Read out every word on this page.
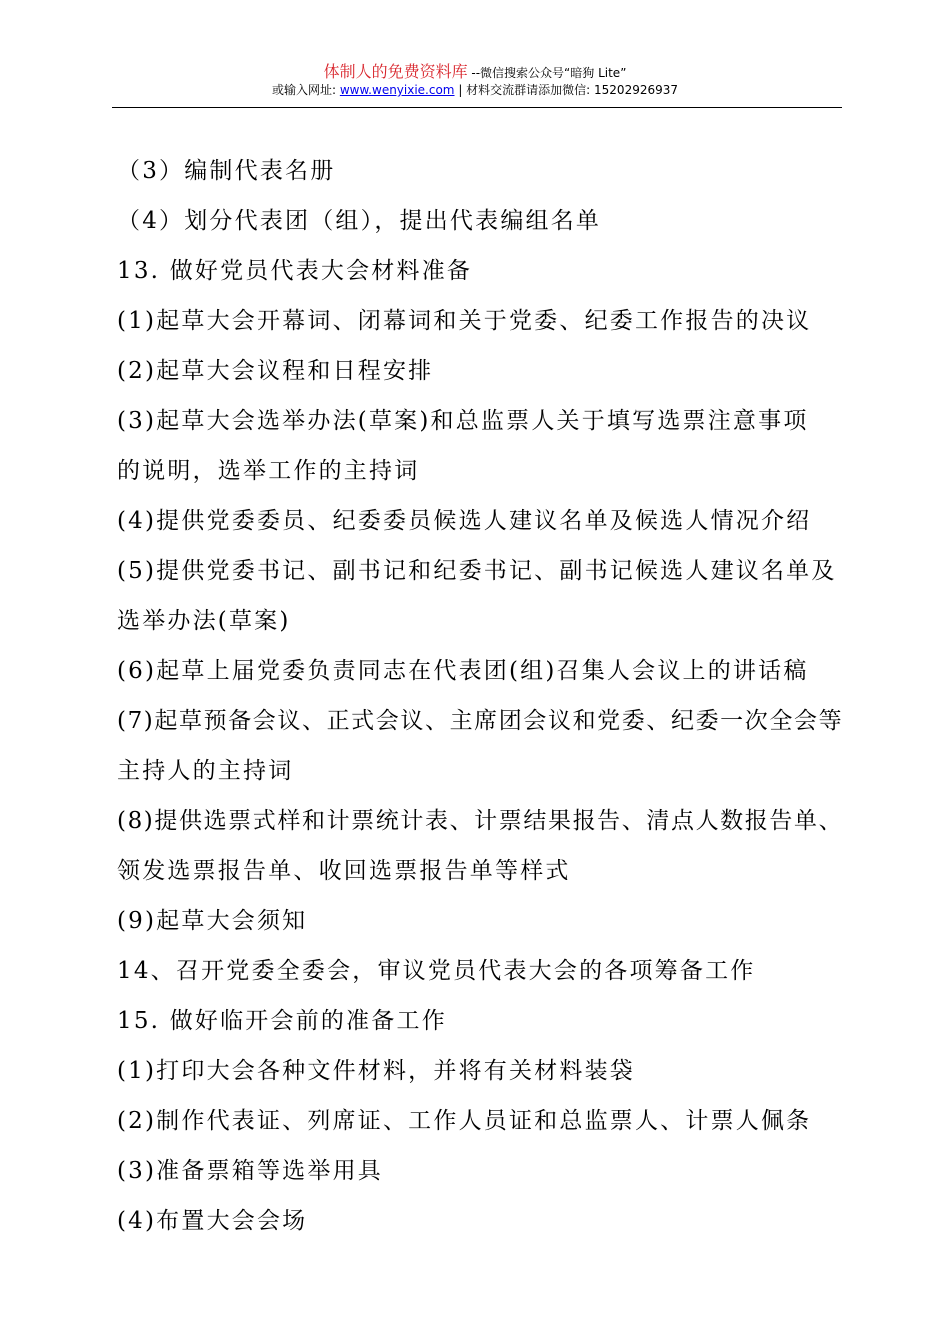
体制人的免费资料库 --微信搜索公众号“暗狗 Lite”
或输入网址: www.wenyixie.com | 材料交流群请添加微信: 15202926937
（3）编制代表名册
（4）划分代表团（组），提出代表编组名单
13. 做好党员代表大会材料准备
(1)起草大会开幕词、闭幕词和关于党委、纪委工作报告的决议
(2)起草大会议程和日程安排
(3)起草大会选举办法(草案)和总监票人关于填写选票注意事项
的说明，选举工作的主持词
(4)提供党委委员、纪委委员候选人建议名单及候选人情况介绍
(5)提供党委书记、副书记和纪委书记、副书记候选人建议名单及
选举办法(草案)
(6)起草上届党委负责同志在代表团(组)召集人会议上的讲话稿
(7)起草预备会议、正式会议、主席团会议和党委、纪委一次全会等
主持人的主持词
(8)提供选票式样和计票统计表、计票结果报告、清点人数报告单、
领发选票报告单、收回选票报告单等样式
(9)起草大会须知
14、召开党委全委会，审议党员代表大会的各项筹备工作
15. 做好临开会前的准备工作
(1)打印大会各种文件材料，并将有关材料装袋
(2)制作代表证、列席证、工作人员证和总监票人、计票人佩条
(3)准备票箱等选举用具
(4)布置大会会场
